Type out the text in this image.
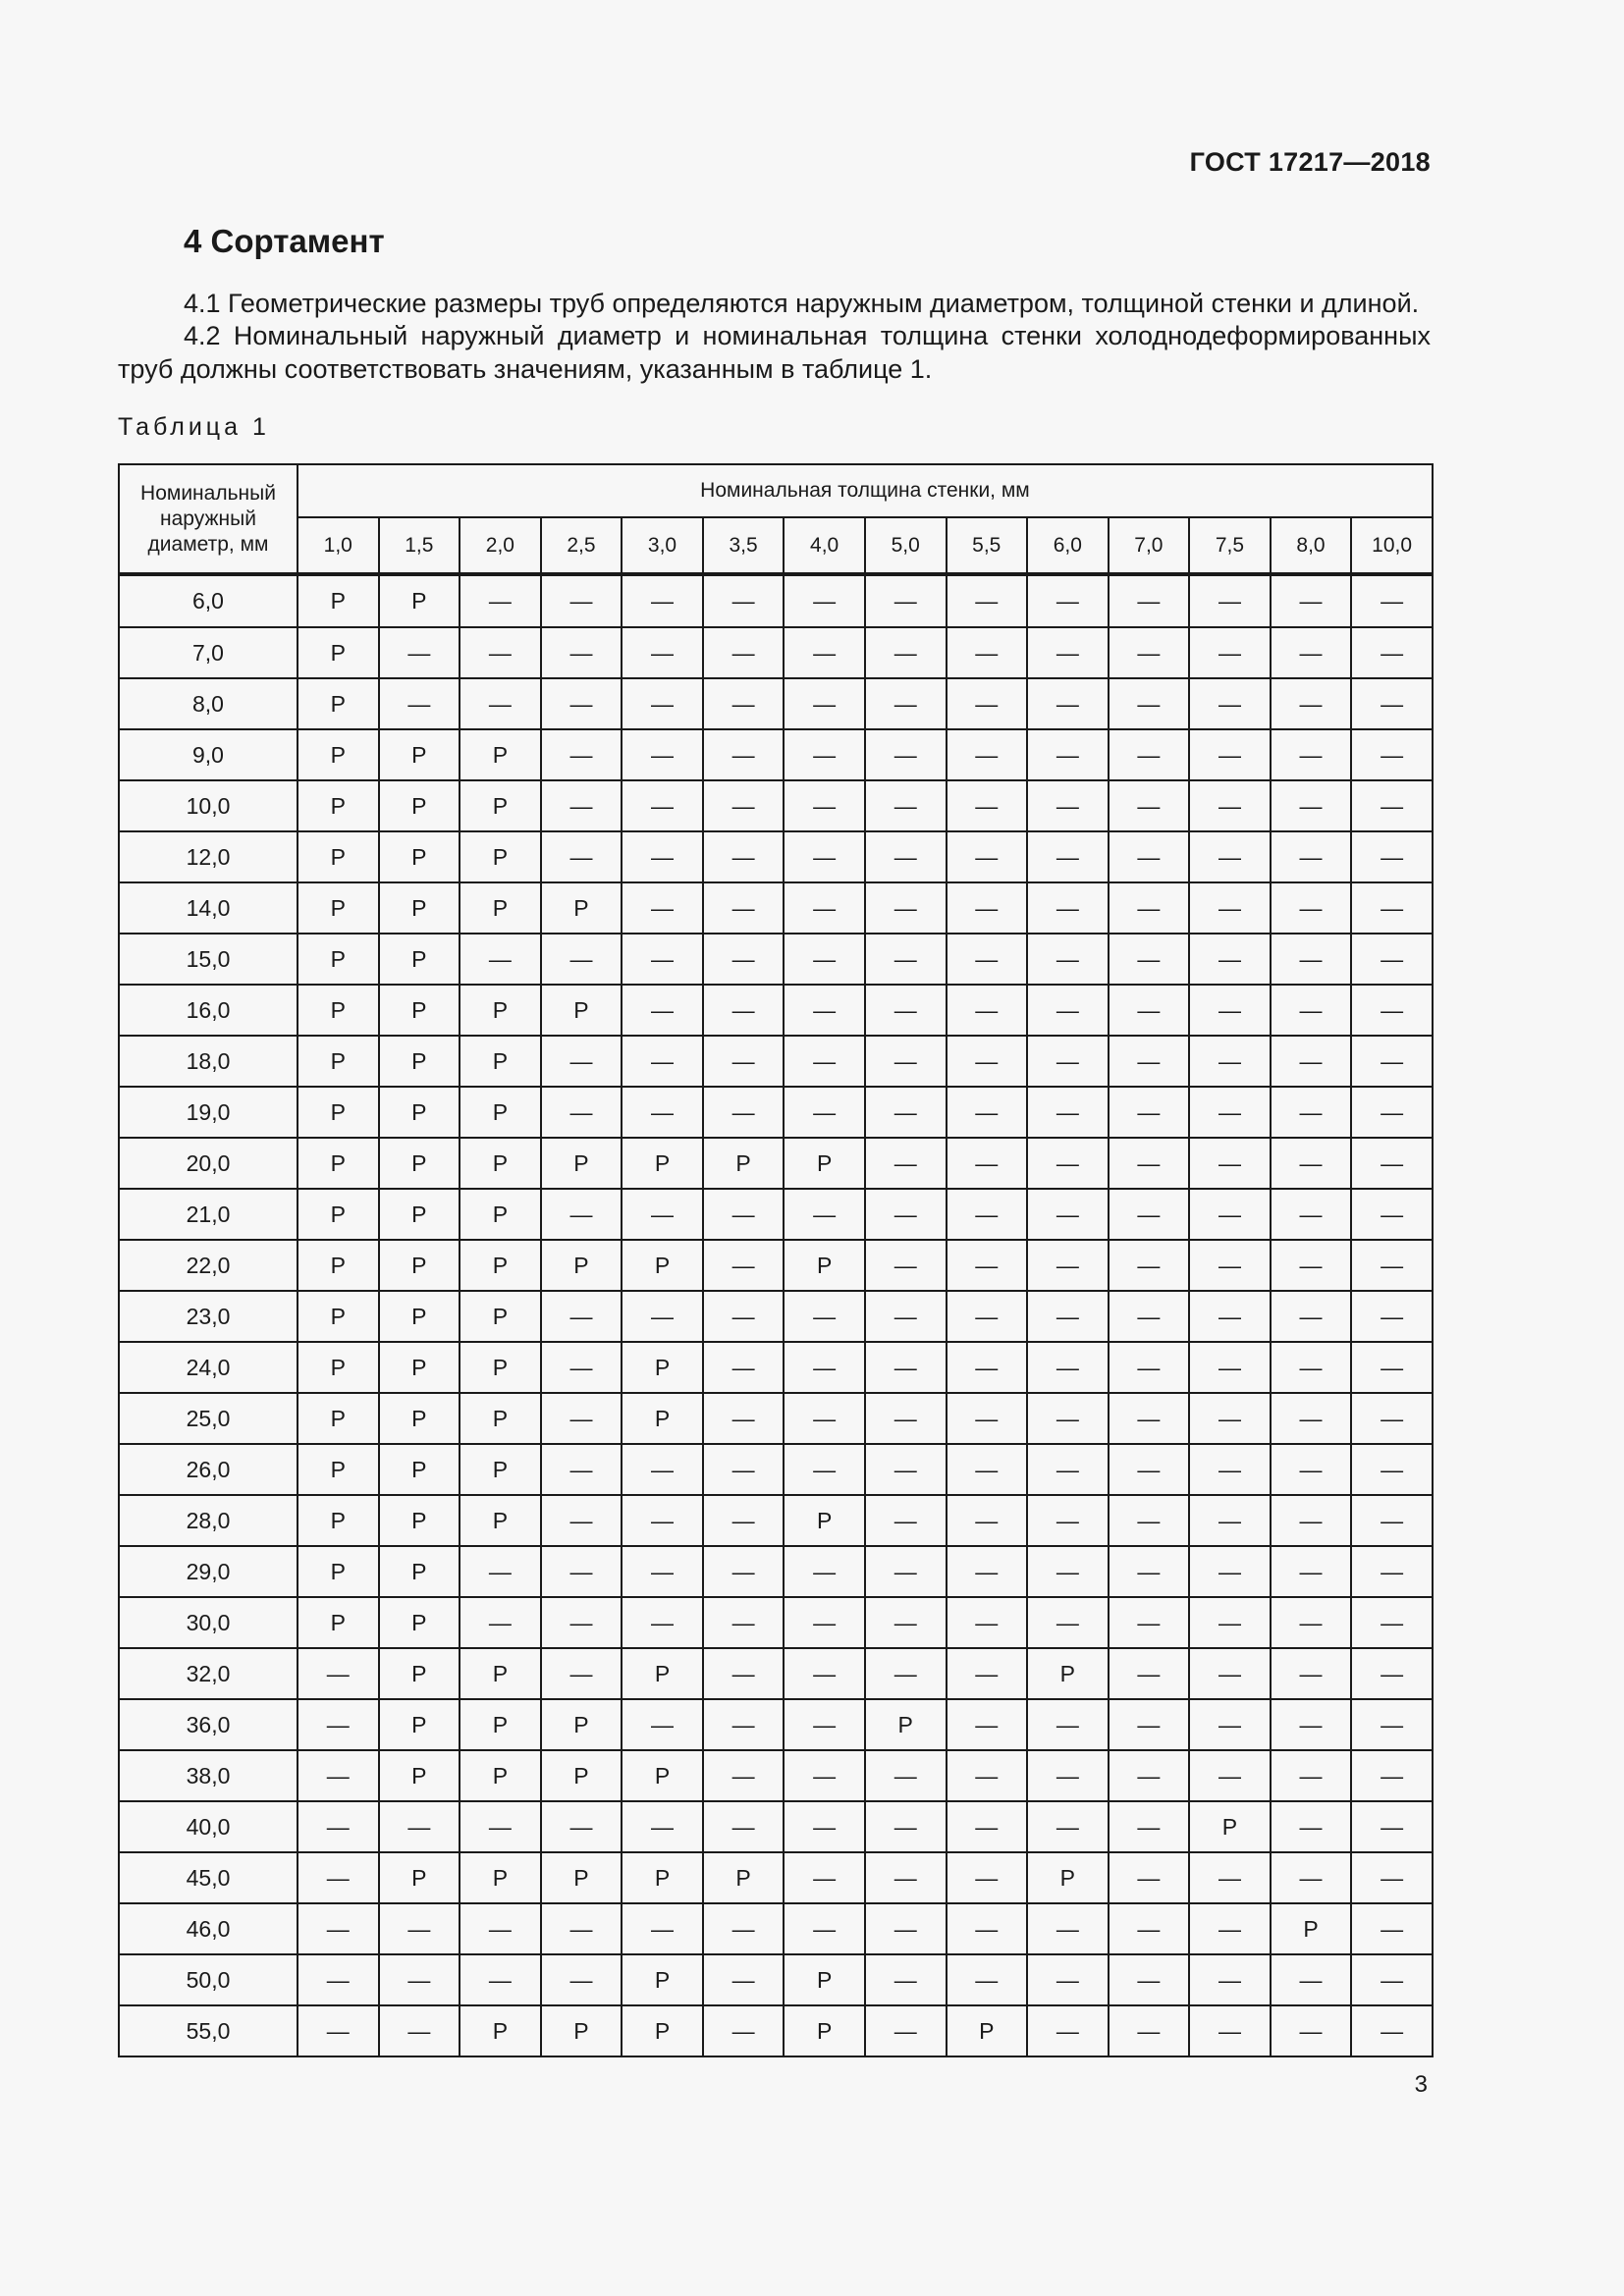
ГОСТ 17217—2018
4 Сортамент

4.1 Геометрические размеры труб определяются наружным диаметром, толщиной стенки и длиной.

4.2 Номинальный наружный диаметр и номинальная толщина стенки холоднодеформированных труб должны соответствовать значениям, указанным в таблице 1.

Таблица 1
Номинальный наружный диаметр, мм	Номинальная толщина стенки, мм													
	1,0	1,5	2,0	2,5	3,0	3,5	4,0	5,0	5,5	6,0	7,0	7,5	8,0	10,0
6,0	P	P	—	—	—	—	—	—	—	—	—	—	—	—
7,0	P	—	—	—	—	—	—	—	—	—	—	—	—	—
8,0	P	—	—	—	—	—	—	—	—	—	—	—	—	—
9,0	P	P	P	—	—	—	—	—	—	—	—	—	—	—
10,0	P	P	P	—	—	—	—	—	—	—	—	—	—	—
12,0	P	P	P	—	—	—	—	—	—	—	—	—	—	—
14,0	P	P	P	P	—	—	—	—	—	—	—	—	—	—
15,0	P	P	—	—	—	—	—	—	—	—	—	—	—	—
16,0	P	P	P	P	—	—	—	—	—	—	—	—	—	—
18,0	P	P	P	—	—	—	—	—	—	—	—	—	—	—
19,0	P	P	P	—	—	—	—	—	—	—	—	—	—	—
20,0	P	P	P	P	P	P	P	—	—	—	—	—	—	—
21,0	P	P	P	—	—	—	—	—	—	—	—	—	—	—
22,0	P	P	P	P	P	—	P	—	—	—	—	—	—	—
23,0	P	P	P	—	—	—	—	—	—	—	—	—	—	—
24,0	P	P	P	—	P	—	—	—	—	—	—	—	—	—
25,0	P	P	P	—	P	—	—	—	—	—	—	—	—	—
26,0	P	P	P	—	—	—	—	—	—	—	—	—	—	—
28,0	P	P	P	—	—	—	P	—	—	—	—	—	—	—
29,0	P	P	—	—	—	—	—	—	—	—	—	—	—	—
30,0	P	P	—	—	—	—	—	—	—	—	—	—	—	—
32,0	—	P	P	—	P	—	—	—	—	P	—	—	—	—
36,0	—	P	P	P	—	—	—	P	—	—	—	—	—	—
38,0	—	P	P	P	P	—	—	—	—	—	—	—	—	—
40,0	—	—	—	—	—	—	—	—	—	—	—	P	—	—
45,0	—	P	P	P	P	P	—	—	—	P	—	—	—	—
46,0	—	—	—	—	—	—	—	—	—	—	—	—	P	—
50,0	—	—	—	—	P	—	P	—	—	—	—	—	—	—
55,0	—	—	P	P	P	—	P	—	P	—	—	—	—	—
3
